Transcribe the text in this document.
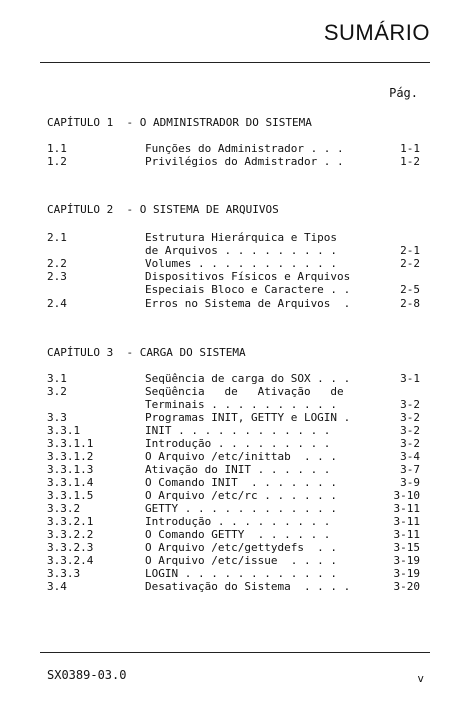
SUMÁRIO
Pág.
CAPÍTULO 1  - O ADMINISTRADOR DO SISTEMA
CAPÍTULO 2  - O SISTEMA DE ARQUIVOS
CAPÍTULO 3  - CARGA DO SISTEMA
1.1	Funções do Administrador . . .	1-1
1.2	Privilégios do Admistrador . .	1-2
2.1	Estrutura Hierárquica e Tipos
de Arquivos . . . . . . . . .	2-1
2.2	Volumes . . . . . . . . . . .	2-2
2.3	Dispositivos Físicos e Arquivos
Especiais Bloco e Caractere . .	2-5
2.4	Erros no Sistema de Arquivos  .	2-8
3.1	Seqüência de carga do SOX . . .	3-1
3.2	Seqüência   de   Ativação   de
Terminais . . . . . . . . . .	3-2
3.3	Programas INIT, GETTY e LOGIN .	3-2
3.3.1	INIT . . . . . . . . . . . .	3-2
3.3.1.1	Introdução . . . . . . . . .	3-2
3.3.1.2	O Arquivo /etc/inittab  . . .	3-4
3.3.1.3	Ativação do INIT . . . . . .	3-7
3.3.1.4	O Comando INIT  . . . . . . .	3-9
3.3.1.5	O Arquivo /etc/rc . . . . . .	3-10
3.3.2	GETTY . . . . . . . . . . . .	3-11
3.3.2.1	Introdução . . . . . . . . .	3-11
3.3.2.2	O Comando GETTY  . . . . . .	3-11
3.3.2.3	O Arquivo /etc/gettydefs  . .	3-15
3.3.2.4	O Arquivo /etc/issue  . . . .	3-19
3.3.3	LOGIN . . . . . . . . . . . .	3-19
3.4	Desativação do Sistema  . . . .	3-20
SX0389-03.0	v
